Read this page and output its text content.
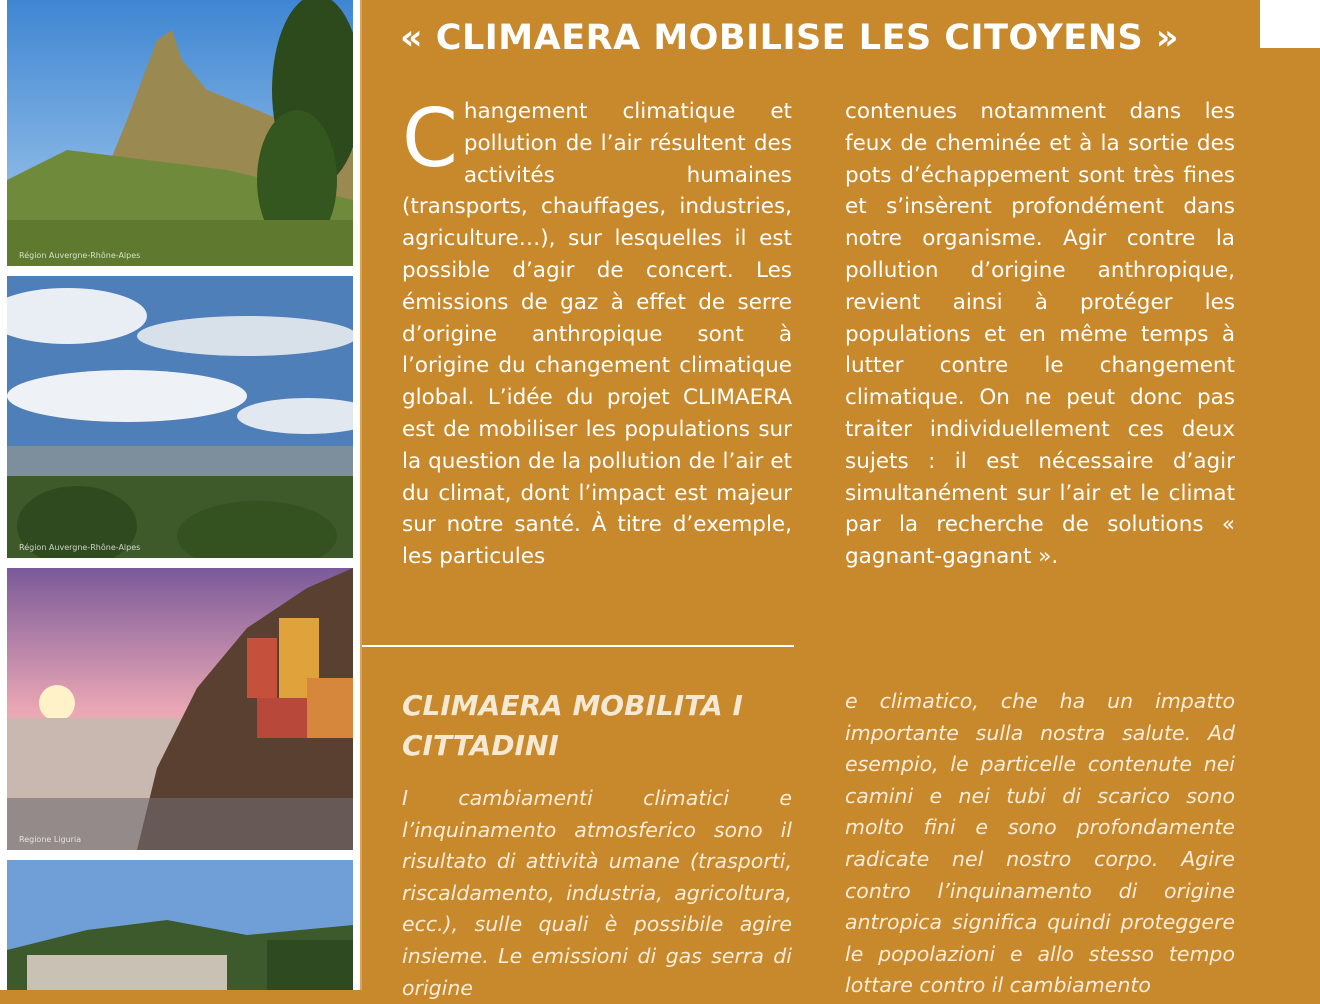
Région Auvergne-Rhône-Alpes
Région Auvergne-Rhône-Alpes
Regione Liguria
« CLIMAERA MOBILISE LES CITOYENS »

Changement climatique et pollution de l’air résultent des activités humaines (transports, chauffages, industries, agriculture…), sur lesquelles il est possible d’agir de concert. Les émissions de gaz à effet de serre d’origine anthropique sont à l’origine du changement climatique global. L’idée du projet CLIMAERA est de mobiliser les populations sur la question de la pollution de l’air et du climat, dont l’impact est majeur sur notre santé. À titre d’exemple, les particules

contenues notamment dans les feux de cheminée et à la sortie des pots d’échappement sont très fines et s’insèrent profondément dans notre organisme. Agir contre la pollution d’origine anthropique, revient ainsi à protéger les populations et en même temps à lutter contre le changement climatique. On ne peut donc pas traiter individuellement ces deux sujets : il est nécessaire d’agir simultanément sur l’air et le climat par la recherche de solutions « gagnant-gagnant ».

CLIMAERA MOBILITA I CITTADINI

I cambiamenti climatici e l’inquinamento atmosferico sono il risultato di attività umane (trasporti, riscaldamento, industria, agricoltura, ecc.), sulle quali è possibile agire insieme. Le emissioni di gas serra di origine

e climatico, che ha un impatto importante sulla nostra salute. Ad esempio, le particelle contenute nei camini e nei tubi di scarico sono molto fini e sono profondamente radicate nel nostro corpo. Agire contro l’inquinamento di origine antropica significa quindi proteggere le popolazioni e allo stesso tempo lottare contro il cambiamento
